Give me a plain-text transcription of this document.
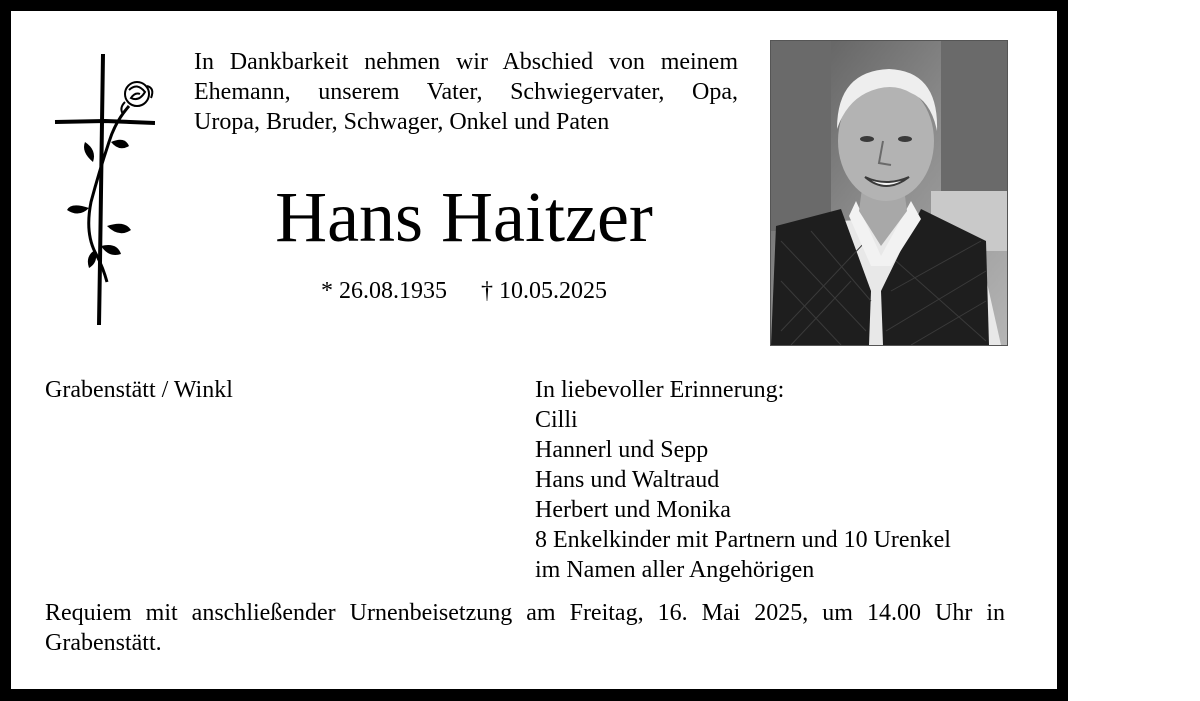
In Dankbarkeit nehmen wir Abschied von meinem
Ehemann, unserem Vater, Schwiegervater, Opa,
Uropa, Bruder, Schwager, Onkel und Paten
Hans Haitzer
* 26.08.1935 † 10.05.2025
Grabenstätt / Winkl	In liebevoller Erinnerung:
Cilli
Hannerl und Sepp
Hans und Waltraud
Herbert und Monika
8 Enkelkinder mit Partnern und 10 Urenkel
im Namen aller Angehörigen
Requiem mit anschließender Urnenbeisetzung am Freitag, 16. Mai 2025, um 14.00 Uhr in Grabenstätt.
